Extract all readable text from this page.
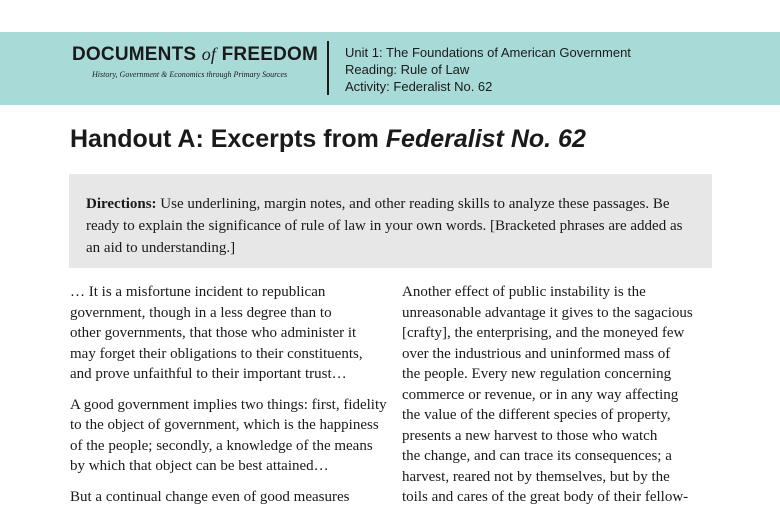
DOCUMENTS of FREEDOM
History, Government & Economics through Primary Sources
Unit 1: The Foundations of American Government
Reading: Rule of Law
Activity: Federalist No. 62
Handout A: Excerpts from Federalist No. 62
Directions: Use underlining, margin notes, and other reading skills to analyze these passages. Be ready to explain the significance of rule of law in your own words. [Bracketed phrases are added as an aid to understanding.]

… It is a misfortune incident to republican
government, though in a less degree than to
other governments, that those who administer it
may forget their obligations to their constituents,
and prove unfaithful to their important trust…

A good government implies two things: first, fidelity
to the object of government, which is the happiness
of the people; secondly, a knowledge of the means
by which that object can be best attained…

But a continual change even of good measures

Another effect of public instability is the
unreasonable advantage it gives to the sagacious
[crafty], the enterprising, and the moneyed few
over the industrious and uninformed mass of
the people. Every new regulation concerning
commerce or revenue, or in any way affecting
the value of the different species of property,
presents a new harvest to those who watch
the change, and can trace its consequences; a
harvest, reared not by themselves, but by the
toils and cares of the great body of their fellow-
